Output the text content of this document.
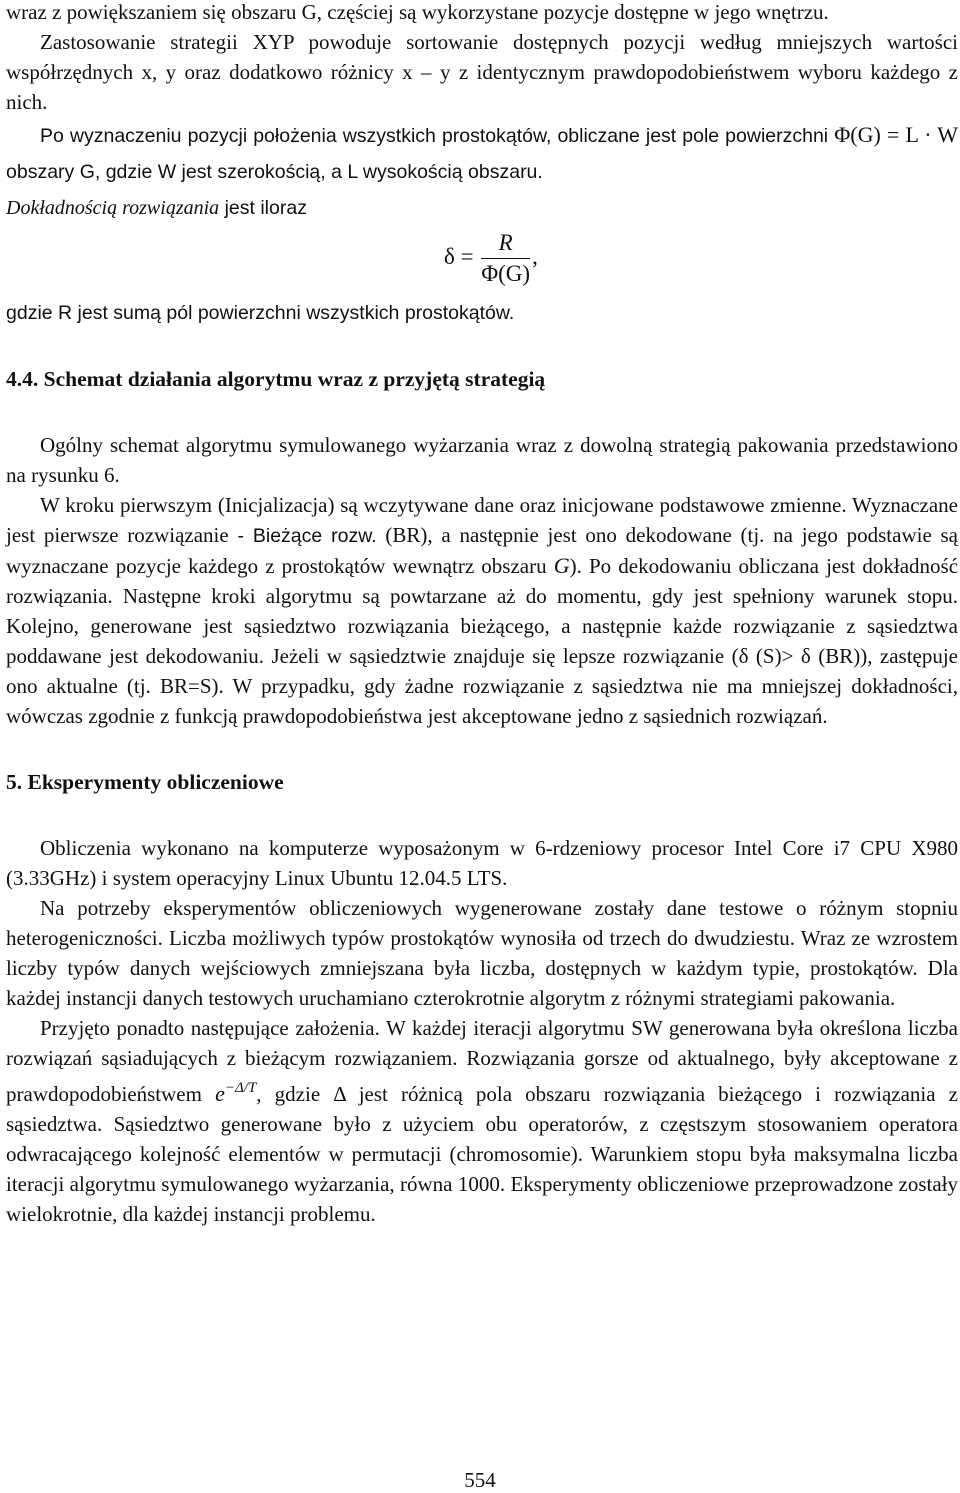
wraz z powiększaniem się obszaru G, częściej są wykorzystane pozycje dostępne w jego wnętrzu.

Zastosowanie strategii XYP powoduje sortowanie dostępnych pozycji według mniejszych wartości współrzędnych x, y oraz dodatkowo różnicy x – y z identycznym prawdopodobieństwem wyboru każdego z nich.

Po wyznaczeniu pozycji położenia wszystkich prostokątów, obliczane jest pole powierzchni Φ(G) = L · W obszary G, gdzie W jest szerokością, a L wysokością obszaru.

Dokładnością rozwiązania jest iloraz

$\delta = \frac{R}{\Phi(G)}$ ,

gdzie R jest sumą pól powierzchni wszystkich prostokątów.

4.4. Schemat działania algorytmu wraz z przyjętą strategią

Ogólny schemat algorytmu symulowanego wyżarzania wraz z dowolną strategią pakowania przedstawiono na rysunku 6.

W kroku pierwszym (Inicjalizacja) są wczytywane dane oraz inicjowane podstawowe zmienne. Wyznaczane jest pierwsze rozwiązanie - Bieżące rozw. (BR), a następnie jest ono dekodowane (tj. na jego podstawie są wyznaczane pozycje każdego z prostokątów wewnątrz obszaru G). Po dekodowaniu obliczana jest dokładność rozwiązania. Następne kroki algorytmu są powtarzane aż do momentu, gdy jest spełniony warunek stopu. Kolejno, generowane jest sąsiedztwo rozwiązania bieżącego, a następnie każde rozwiązanie z sąsiedztwa poddawane jest dekodowaniu. Jeżeli w sąsiedztwie znajduje się lepsze rozwiązanie (δ (S)> δ (BR)), zastępuje ono aktualne (tj. BR=S). W przypadku, gdy żadne rozwiązanie z sąsiedztwa nie ma mniejszej dokładności, wówczas zgodnie z funkcją prawdopodobieństwa jest akceptowane jedno z sąsiednich rozwiązań.

5. Eksperymenty obliczeniowe

Obliczenia wykonano na komputerze wyposażonym w 6-rdzeniowy procesor Intel Core i7 CPU X980 (3.33GHz) i system operacyjny Linux Ubuntu 12.04.5 LTS.

Na potrzeby eksperymentów obliczeniowych wygenerowane zostały dane testowe o różnym stopniu heterogeniczności. Liczba możliwych typów prostokątów wynosiła od trzech do dwudziestu. Wraz ze wzrostem liczby typów danych wejściowych zmniejszana była liczba, dostępnych w każdym typie, prostokątów. Dla każdej instancji danych testowych uruchamiano czterokrotnie algorytm z różnymi strategiami pakowania.

Przyjęto ponadto następujące założenia. W każdej iteracji algorytmu SW generowana była określona liczba rozwiązań sąsiadujących z bieżącym rozwiązaniem. Rozwiązania gorsze od aktualnego, były akceptowane z prawdopodobieństwem $e^{-\Delta/T}$, gdzie Δ jest różnicą pola obszaru rozwiązania bieżącego i rozwiązania z sąsiedztwa. Sąsiedztwo generowane było z użyciem obu operatorów, z częstszym stosowaniem operatora odwracającego kolejność elementów w permutacji (chromosomie). Warunkiem stopu była maksymalna liczba iteracji algorytmu symulowanego wyżarzania, równa 1000. Eksperymenty obliczeniowe przeprowadzone zostały wielokrotnie, dla każdej instancji problemu.

554
